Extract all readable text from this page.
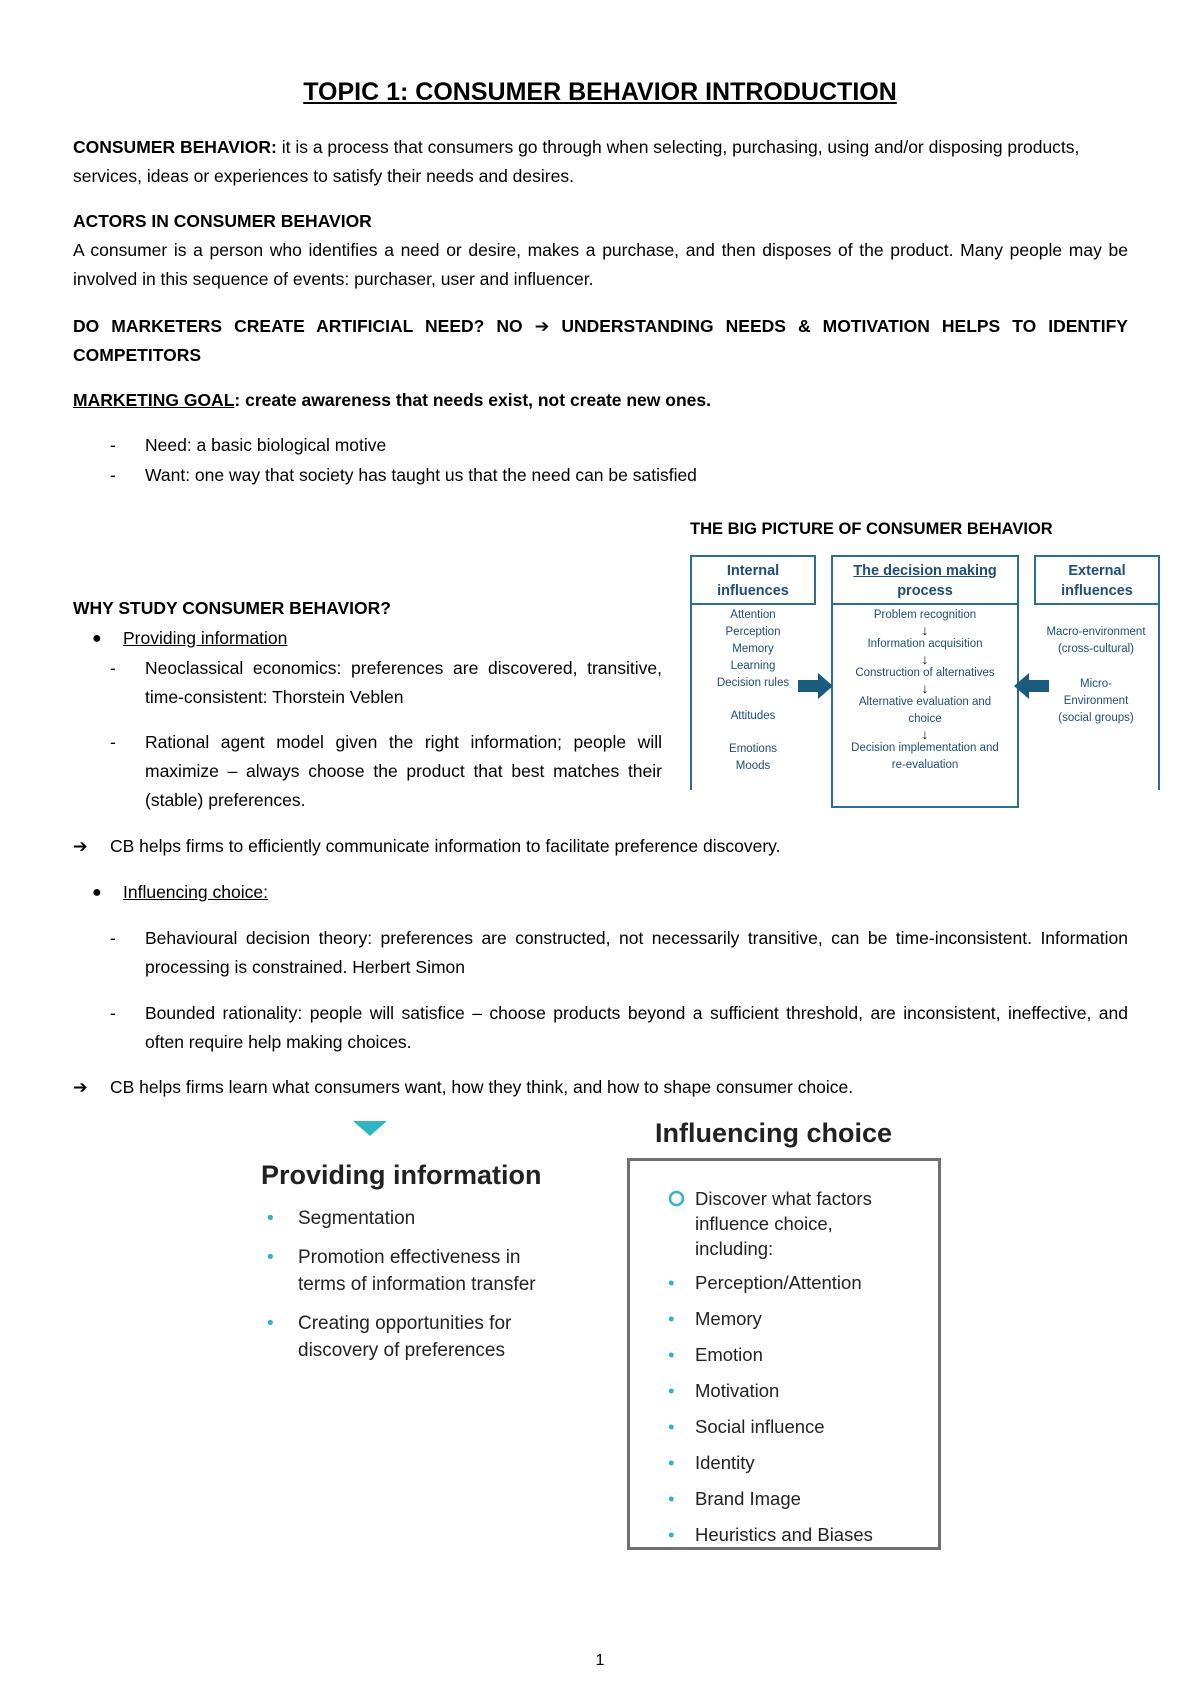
TOPIC 1: CONSUMER BEHAVIOR INTRODUCTION
CONSUMER BEHAVIOR: it is a process that consumers go through when selecting, purchasing, using and/or disposing products, services, ideas or experiences to satisfy their needs and desires.
ACTORS IN CONSUMER BEHAVIOR
A consumer is a person who identifies a need or desire, makes a purchase, and then disposes of the product. Many people may be involved in this sequence of events: purchaser, user and influencer.
DO MARKETERS CREATE ARTIFICIAL NEED? NO ➔ UNDERSTANDING NEEDS & MOTIVATION HELPS TO IDENTIFY COMPETITORS
MARKETING GOAL: create awareness that needs exist, not create new ones.
- Need: a basic biological motive
- Want: one way that society has taught us that the need can be satisfied
WHY STUDY CONSUMER BEHAVIOR?
● Providing information
- Neoclassical economics: preferences are discovered, transitive, time-consistent: Thorstein Veblen
- Rational agent model given the right information; people will maximize – always choose the product that best matches their (stable) preferences.
➔ CB helps firms to efficiently communicate information to facilitate preference discovery.
● Influencing choice:
- Behavioural decision theory: preferences are constructed, not necessarily transitive, can be time-inconsistent. Information processing is constrained. Herbert Simon
- Bounded rationality: people will satisfice – choose products beyond a sufficient threshold, are inconsistent, ineffective, and often require help making choices.
➔ CB helps firms learn what consumers want, how they think, and how to shape consumer choice.
THE BIG PICTURE OF CONSUMER BEHAVIOR
Internal
influences
Attention
Perception
Memory
Learning
Decision rules
Attitudes
Emotions
Moods
The decision making
process
Problem recognition
↓
Information acquisition
↓
Construction of alternatives
↓
Alternative evaluation and
choice
↓
Decision implementation and
re-evaluation
External
influences
Macro-environment
(cross-cultural)
Micro-
Environment
(social groups)
Providing information
• Segmentation
• Promotion effectiveness in terms of information transfer
• Creating opportunities for discovery of preferences
Influencing choice
Discover what factors influence choice, including:
• Perception/Attention
• Memory
• Emotion
• Motivation
• Social influence
• Identity
• Brand Image
• Heuristics and Biases
1
